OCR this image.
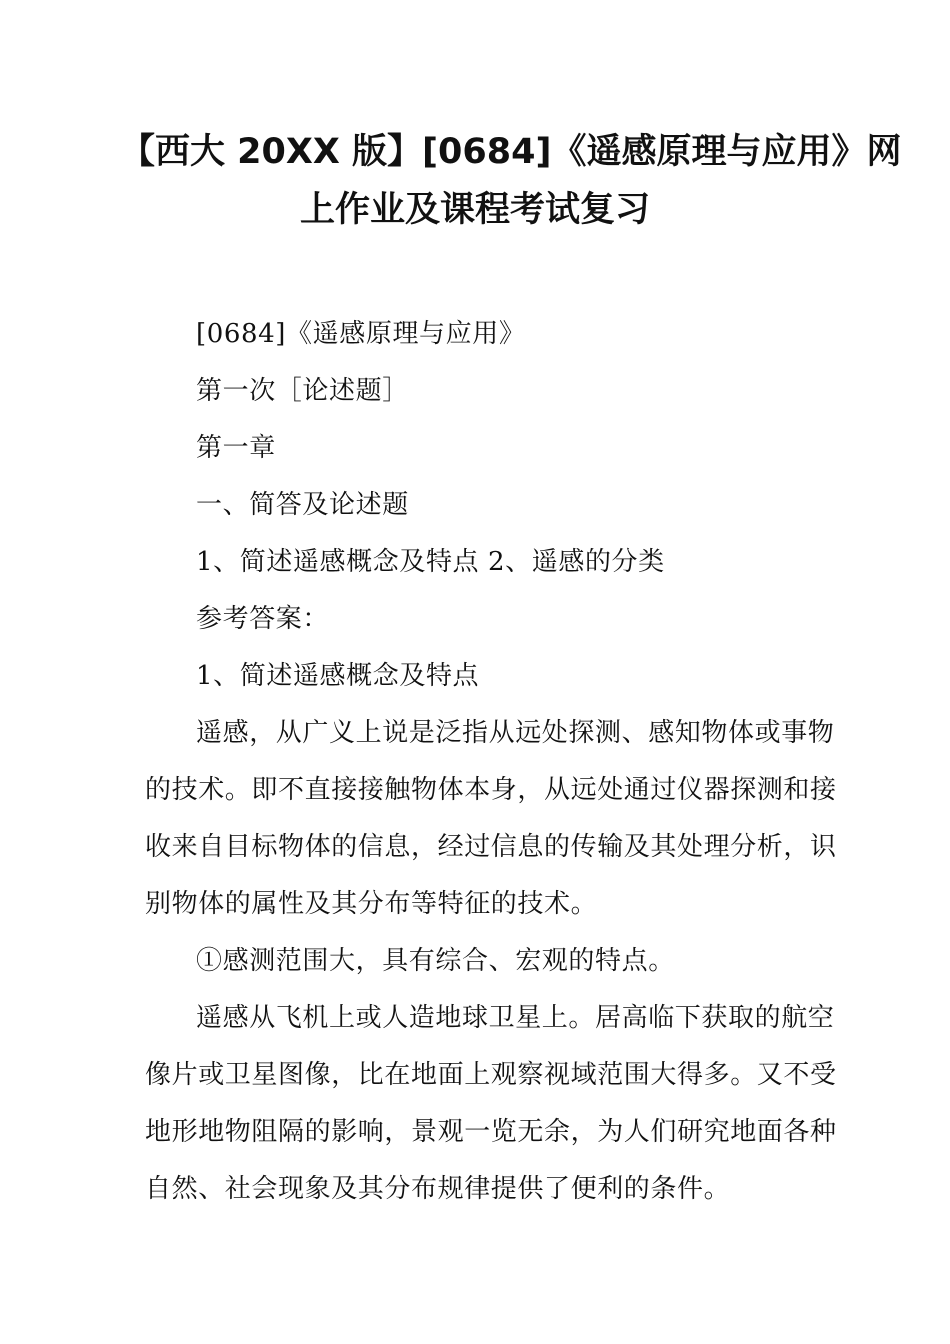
【西大 20XX 版】[0684]《遥感原理与应用》网
上作业及课程考试复习
[0684]《遥感原理与应用》
第一次［论述题］
第一章
一、简答及论述题
1、简述遥感概念及特点 2、遥感的分类
参考答案：
1、简述遥感概念及特点
遥感，从广义上说是泛指从远处探测、感知物体或事物
的技术。即不直接接触物体本身，从远处通过仪器探测和接
收来自目标物体的信息，经过信息的传输及其处理分析，识
别物体的属性及其分布等特征的技术。
①感测范围大，具有综合、宏观的特点。
遥感从飞机上或人造地球卫星上。居高临下获取的航空
像片或卫星图像，比在地面上观察视域范围大得多。又不受
地形地物阻隔的影响，景观一览无余，为人们研究地面各种
自然、社会现象及其分布规律提供了便利的条件。
